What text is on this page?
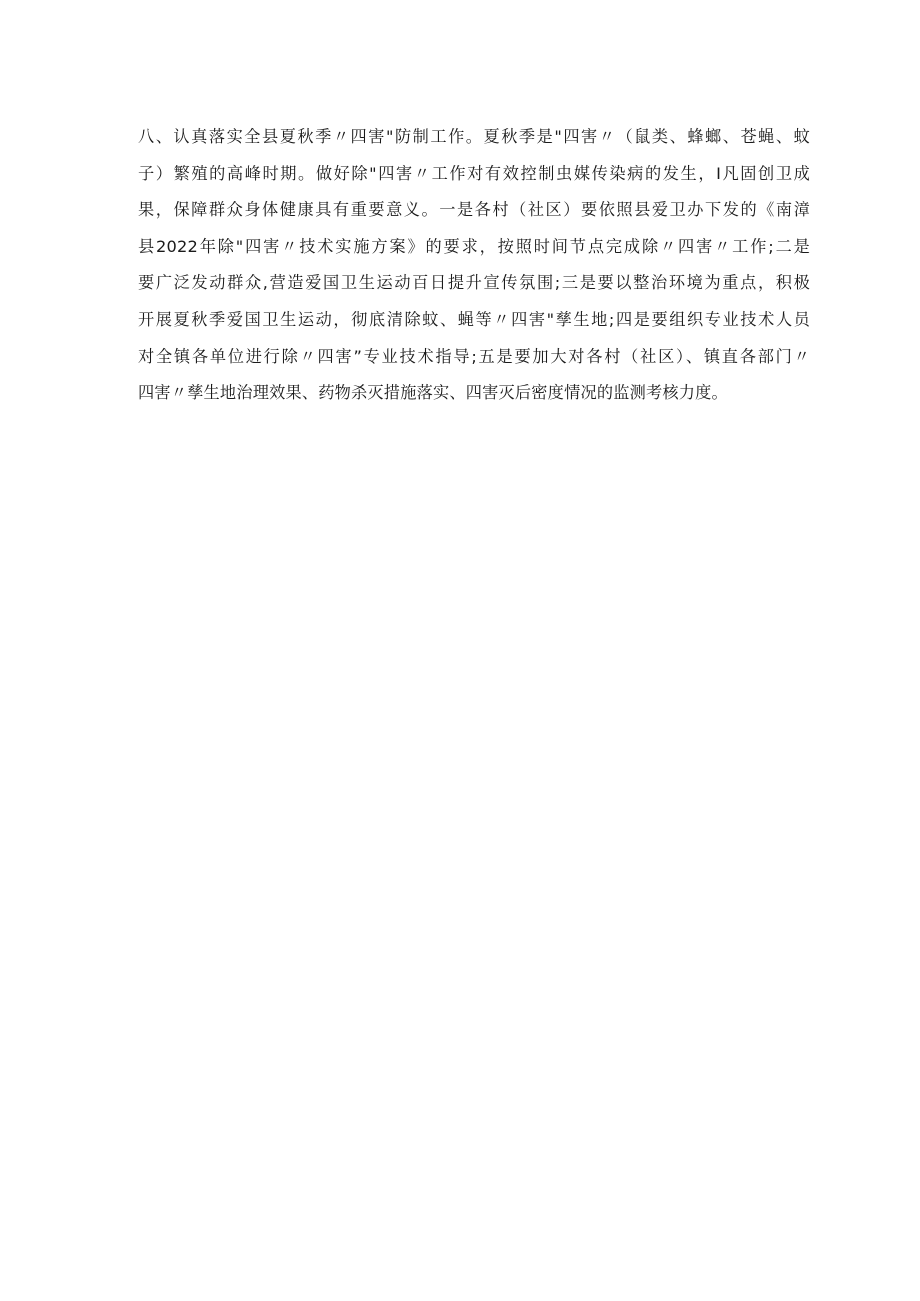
八、认真落实全县夏秋季〃四害"防制工作。夏秋季是"四害〃（鼠类、蜂螂、苍蝇、蚊
子）繁殖的高峰时期。做好除"四害〃工作对有效控制虫媒传染病的发生，I凡固创卫成
果，保障群众身体健康具有重要意义。一是各村（社区）要依照县爱卫办下发的《南漳
县2022年除"四害〃技术实施方案》的要求，按照时间节点完成除〃四害〃工作;二是
要广泛发动群众,营造爱国卫生运动百日提升宣传氛围;三是要以整治环境为重点，积极
开展夏秋季爱国卫生运动，彻底清除蚊、蝇等〃四害"孳生地;四是要组织专业技术人员
对全镇各单位进行除〃四害”专业技术指导;五是要加大对各村（社区）、镇直各部门〃
四害〃孳生地治理效果、药物杀灭措施落实、四害灭后密度情况的监测考核力度。
